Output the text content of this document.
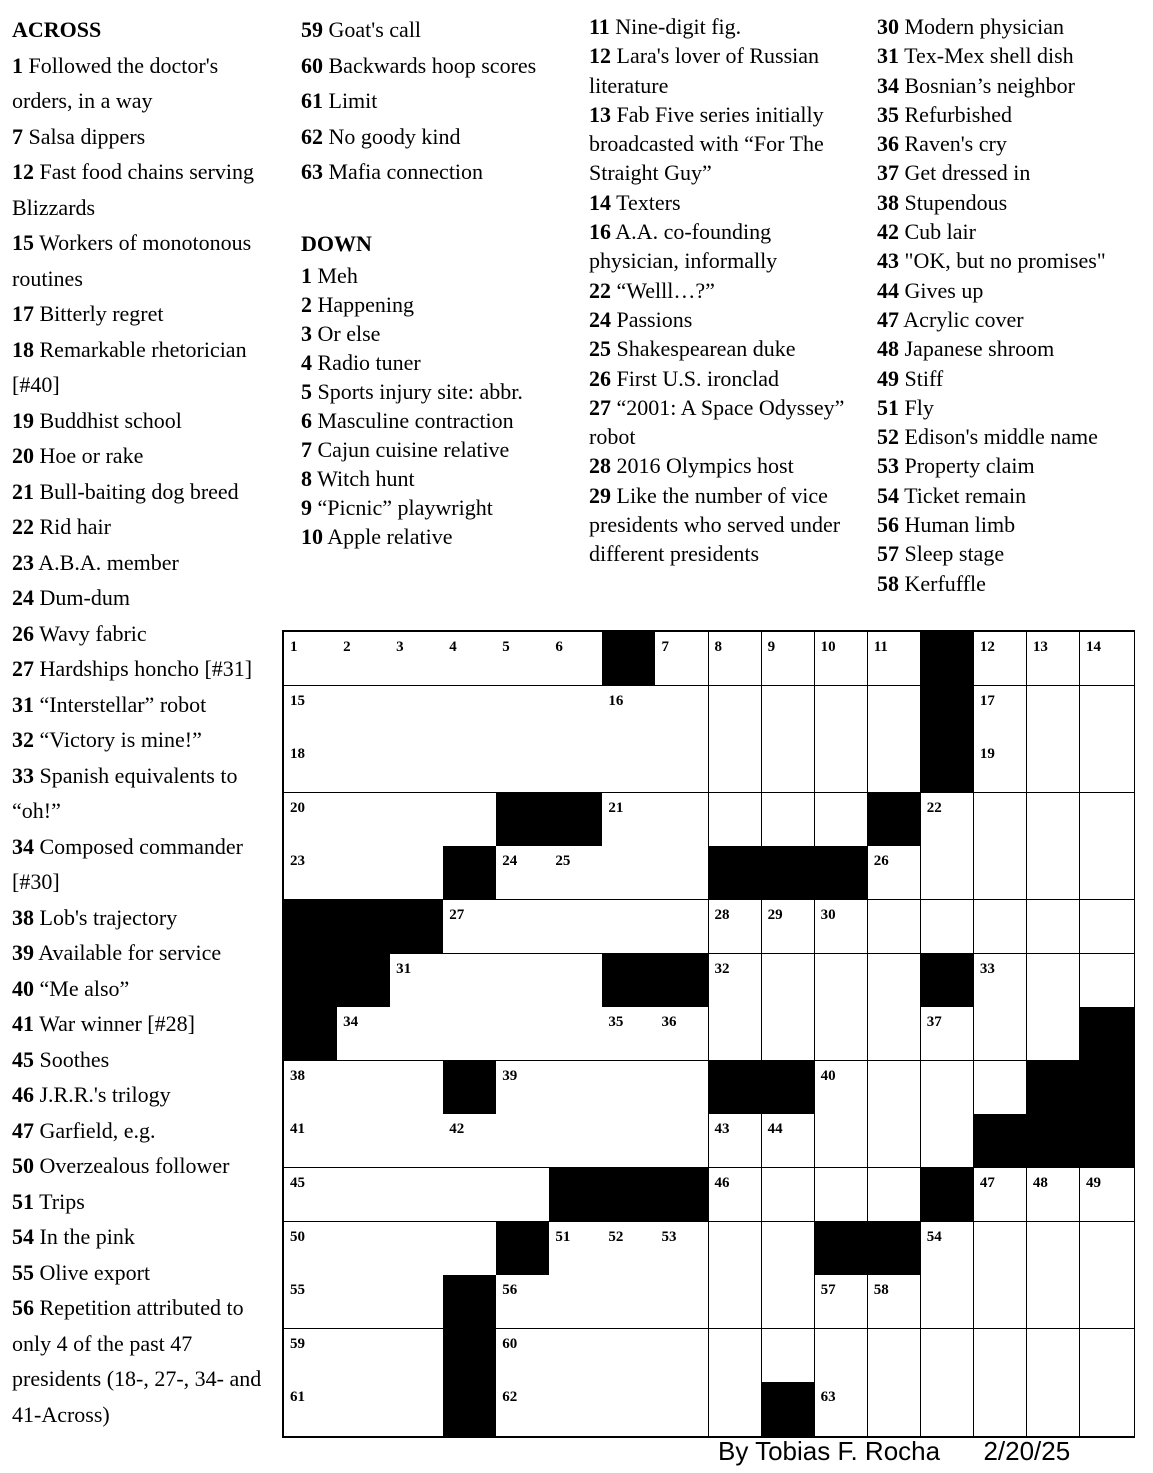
ACROSS
1 Followed the doctor's orders, in a way
7 Salsa dippers
12 Fast food chains serving Blizzards
15 Workers of monotonous routines
17 Bitterly regret
18 Remarkable rhetorician [#40]
19 Buddhist school
20 Hoe or rake
21 Bull-baiting dog breed
22 Rid hair
23 A.B.A. member
24 Dum-dum
26 Wavy fabric
27 Hardships honcho [#31]
31 “Interstellar” robot
32 “Victory is mine!”
33 Spanish equivalents to “oh!”
34 Composed commander [#30]
38 Lob's trajectory
39 Available for service
40 “Me also”
41 War winner [#28]
45 Soothes
46 J.R.R.'s trilogy
47 Garfield, e.g.
50 Overzealous follower
51 Trips
54 In the pink
55 Olive export
56 Repetition attributed to only 4 of the past 47 presidents (18-, 27-, 34- and 41-Across)
59 Goat's call
60 Backwards hoop scores
61 Limit
62 No goody kind
63 Mafia connection
DOWN
1 Meh
2 Happening
3 Or else
4 Radio tuner
5 Sports injury site: abbr.
6 Masculine contraction
7 Cajun cuisine relative
8 Witch hunt
9 “Picnic” playwright
10 Apple relative
11 Nine-digit fig.
12 Lara's lover of Russian literature
13 Fab Five series initially broadcasted with “For The Straight Guy”
14 Texters
16 A.A. co-founding physician, informally
22 “Welll…?”
24 Passions
25 Shakespearean duke
26 First U.S. ironclad
27 “2001: A Space Odyssey” robot
28 2016 Olympics host
29 Like the number of vice presidents who served under different presidents
30 Modern physician
31 Tex-Mex shell dish
34 Bosnian’s neighbor
35 Refurbished
36 Raven's cry
37 Get dressed in
38 Stupendous
42 Cub lair
43 "OK, but no promises"
44 Gives up
47 Acrylic cover
48 Japanese shroom
49 Stiff
51 Fly
52 Edison's middle name
53 Property claim
54 Ticket remain
56 Human limb
57 Sleep stage
58 Kerfuffle
1	2	3	4	5	6	7	8	9	10	11	12	13	14
15	16	17
18	19
20	21	22
23	24	25	26
27	28	29	30
31	32	33
34	35	36	37
38	39	40
41	42	43	44
45	46	47	48	49
50	51	52	53	54
55	56	57	58
59	60
61	62	63
By Tobias F. Rocha 2/20/25
